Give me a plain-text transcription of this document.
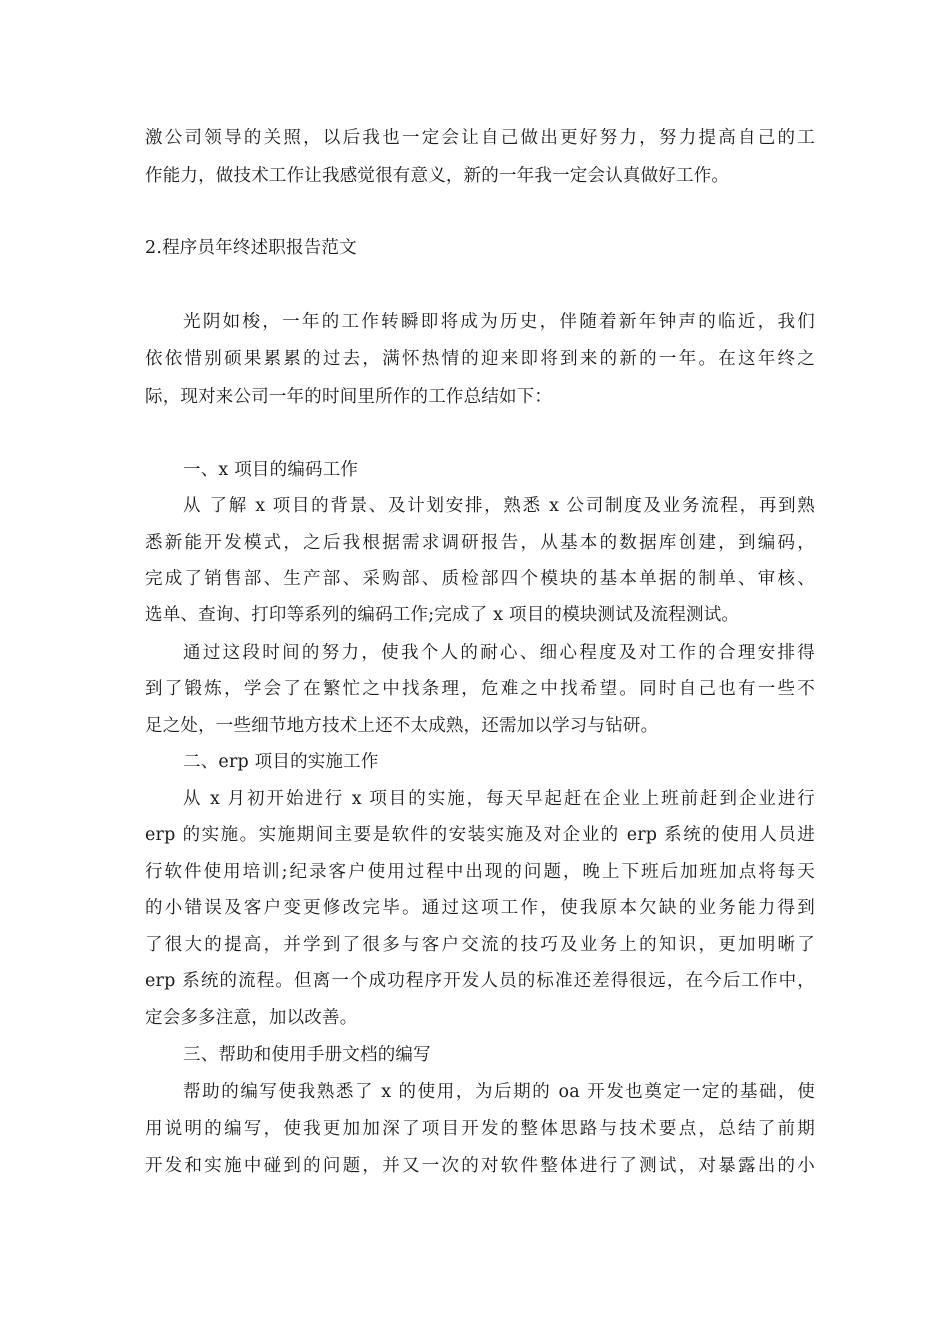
激公司领导的关照，以后我也一定会让自己做出更好努力，努力提高自己的工
作能力，做技术工作让我感觉很有意义，新的一年我一定会认真做好工作。
2.程序员年终述职报告范文
光阴如梭，一年的工作转瞬即将成为历史，伴随着新年钟声的临近，我们
依依惜别硕果累累的过去，满怀热情的迎来即将到来的新的一年。在这年终之
际，现对来公司一年的时间里所作的工作总结如下：
一、x 项目的编码工作
从 了解 x 项目的背景、及计划安排，熟悉 x 公司制度及业务流程，再到熟
悉新能开发模式，之后我根据需求调研报告，从基本的数据库创建，到编码，
完成了销售部、生产部、采购部、质检部四个模块的基本单据的制单、审核、
选单、查询、打印等系列的编码工作;完成了 x 项目的模块测试及流程测试。
通过这段时间的努力，使我个人的耐心、细心程度及对工作的合理安排得
到了锻炼，学会了在繁忙之中找条理，危难之中找希望。同时自己也有一些不
足之处，一些细节地方技术上还不太成熟，还需加以学习与钻研。
二、erp 项目的实施工作
从 x 月初开始进行 x 项目的实施，每天早起赶在企业上班前赶到企业进行
erp 的实施。实施期间主要是软件的安装实施及对企业的 erp 系统的使用人员进
行软件使用培训;纪录客户使用过程中出现的问题，晚上下班后加班加点将每天
的小错误及客户变更修改完毕。通过这项工作，使我原本欠缺的业务能力得到
了很大的提高，并学到了很多与客户交流的技巧及业务上的知识，更加明晰了
erp 系统的流程。但离一个成功程序开发人员的标准还差得很远，在今后工作中，
定会多多注意，加以改善。
三、帮助和使用手册文档的编写
帮助的编写使我熟悉了 x 的使用，为后期的 oa 开发也奠定一定的基础，使
用说明的编写，使我更加加深了项目开发的整体思路与技术要点，总结了前期
开发和实施中碰到的问题，并又一次的对软件整体进行了测试，对暴露出的小
